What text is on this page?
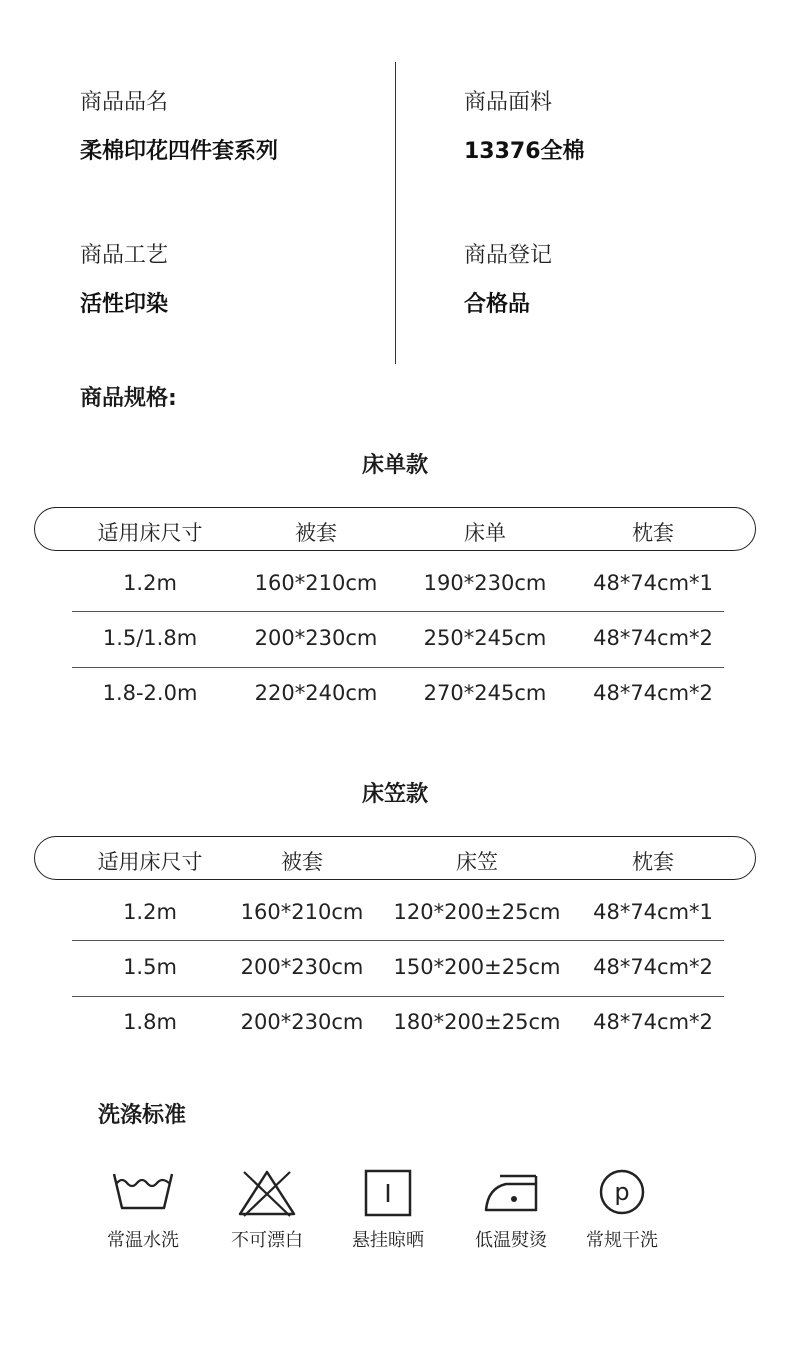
商品品名
柔棉印花四件套系列
商品面料
13376全棉
商品工艺
活性印染
商品登记
合格品
商品规格:
床单款
适用床尺寸	被套	床单	枕套
1.2m	160*210cm 190*230cm 48*74cm*1
1.5/1.8m	200*230cm 250*245cm 48*74cm*2
1.8-2.0m	220*240cm 270*245cm 48*74cm*2
床笠款
适用床尺寸	被套	床笠	枕套
1.2m	160*210cm 120*200±25cm 48*74cm*1
1.5m	200*230cm 150*200±25cm 48*74cm*2
1.8m	200*230cm 180*200±25cm 48*74cm*2
洗涤标准
常温水洗	不可漂白	悬挂晾晒	低温熨烫
p
常规干洗
